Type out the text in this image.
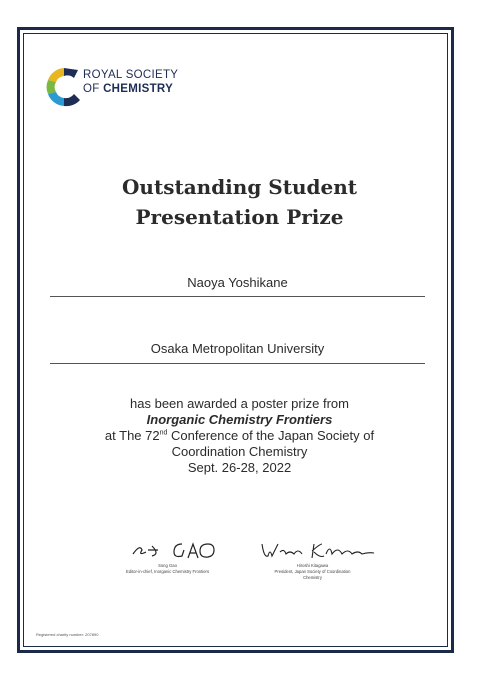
ROYAL SOCIETY
OF CHEMISTRY
Outstanding Student
Presentation Prize
Naoya Yoshikane
Osaka Metropolitan University
has been awarded a poster prize from
Inorganic Chemistry Frontiers
at The 72nd Conference of the Japan Society of
Coordination Chemistry
Sept. 26-28, 2022
Song Gao
Editor-in-chief, Inorganic Chemistry Frontiers
Hiroshi Kitagawa
President, Japan Society of Coordination
Chemistry
Registered charity number: 207890
